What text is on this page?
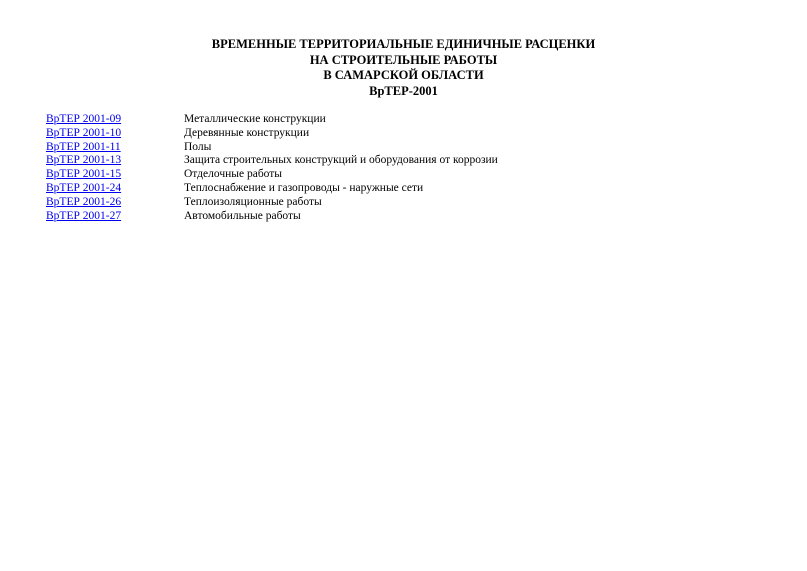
ВРЕМЕННЫЕ ТЕРРИТОРИАЛЬНЫЕ ЕДИНИЧНЫЕ РАСЦЕНКИ
НА СТРОИТЕЛЬНЫЕ РАБОТЫ
В САМАРСКОЙ ОБЛАСТИ
ВрТЕР-2001
ВрТЕР 2001-09	Металлические конструкции
ВрТЕР 2001-10	Деревянные конструкции
ВрТЕР 2001-11	Полы
ВрТЕР 2001-13	Защита строительных конструкций и оборудования от коррозии
ВрТЕР 2001-15	Отделочные работы
ВрТЕР 2001-24	Теплоснабжение и газопроводы - наружные сети
ВрТЕР 2001-26	Теплоизоляционные работы
ВрТЕР 2001-27	Автомобильные работы
